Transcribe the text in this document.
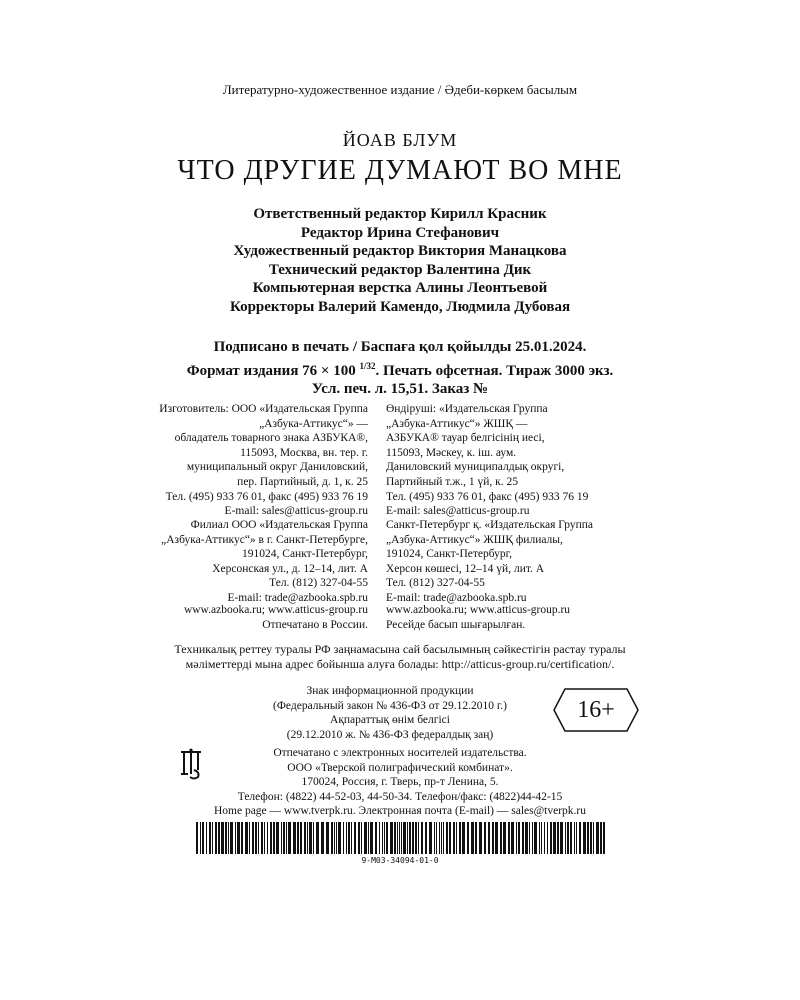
Литературно-художественное издание / Әдеби-көркем басылым
ЙОАВ БЛУМ
ЧТО ДРУГИЕ ДУМАЮТ ВО МНЕ
Ответственный редактор Кирилл Красник
Редактор Ирина Стефанович
Художественный редактор Виктория Манацкова
Технический редактор Валентина Дик
Компьютерная верстка Алины Леонтьевой
Корректоры Валерий Камендо, Людмила Дубовая
Подписано в печать / Баспаға қол қойылды 25.01.2024.
Формат издания 76 × 100 $^{1/32}$. Печать офсетная. Тираж 3000 экз.
Усл. печ. л. 15,51. Заказ №
Изготовитель: ООО «Издательская Группа
„Азбука-Аттикус“» —
обладатель товарного знака АЗБУКА®,
115093, Москва, вн. тер. г.
муниципальный округ Даниловский,
пер. Партийный, д. 1, к. 25
Тел. (495) 933 76 01, факс (495) 933 76 19
E-mail: sales@atticus-group.ru
Өндіруші: «Издательская Группа
„Азбука-Аттикус“» ЖШҚ —
АЗБУКА® тауар белгісінің иесі,
115093, Мәскеу, к. іш. аум.
Даниловский муниципалдық округі,
Партийный т.ж., 1 үй, к. 25
Тел. (495) 933 76 01, факс (495) 933 76 19
E-mail: sales@atticus-group.ru
Филиал ООО «Издательская Группа
„Азбука-Аттикус“» в г. Санкт-Петербурге,
191024, Санкт-Петербург,
Херсонская ул., д. 12–14, лит. А
Тел. (812) 327-04-55
E-mail: trade@azbooka.spb.ru
Санкт-Петербург қ. «Издательская Группа
„Азбука-Аттикус“» ЖШҚ филиалы,
191024, Санкт-Петербург,
Херсон көшесі, 12–14 үй, лит. А
Тел. (812) 327-04-55
E-mail: trade@azbooka.spb.ru
www.azbooka.ru; www.atticus-group.ru
Отпечатано в России.
www.azbooka.ru; www.atticus-group.ru
Ресейде басып шығарылған.
Техникалық реттеу туралы РФ заңнамасына сай басылымның сәйкестігін растау туралы
мәліметтерді мына адрес бойынша алуға болады: http://atticus-group.ru/certification/.
Знак информационной продукции
(Федеральный закон № 436-ФЗ от 29.12.2010 г.)
Ақпараттық өнім белгісі
(29.12.2010 ж. № 436-ФЗ федералдық заң)
16+
Отпечатано с электронных носителей издательства.
ООО «Тверской полиграфический комбинат».
170024, Россия, г. Тверь, пр-т Ленина, 5.
Телефон: (4822) 44-52-03, 44-50-34. Телефон/факс: (4822)44-42-15
Home page — www.tverpk.ru. Электронная почта (E-mail) — sales@tverpk.ru
9-М03-34094-01-0
